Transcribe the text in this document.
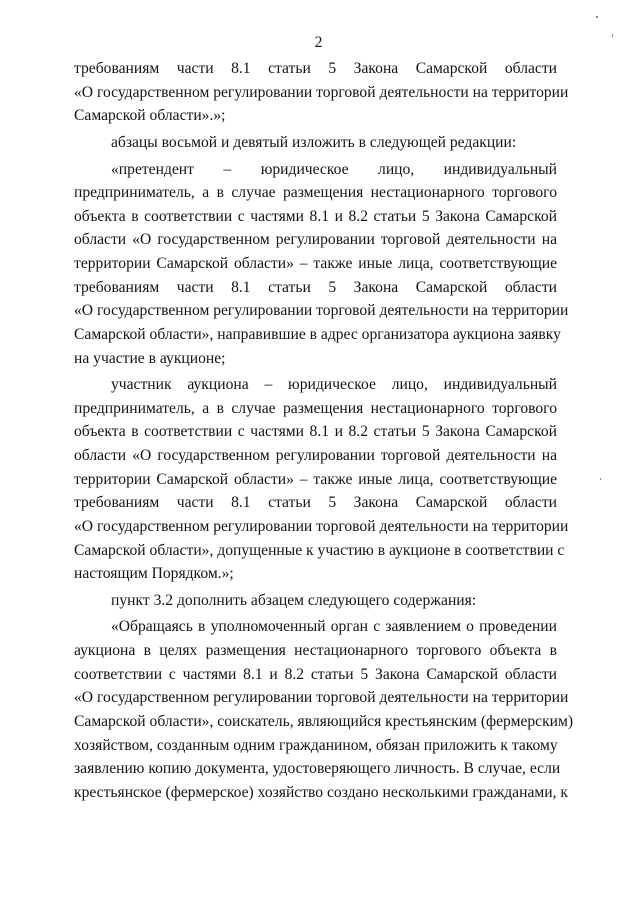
2
требованиям части 8.1 статьи 5 Закона Самарской области
«О государственном регулировании торговой деятельности на территории
Самарской области».»;
абзацы восьмой и девятый изложить в следующей редакции:
«претендент – юридическое лицо, индивидуальный
предприниматель, а в случае размещения нестационарного торгового
объекта в соответствии с частями 8.1 и 8.2 статьи 5 Закона Самарской
области «О государственном регулировании торговой деятельности на
территории Самарской области» – также иные лица, соответствующие
требованиям части 8.1 статьи 5 Закона Самарской области
«О государственном регулировании торговой деятельности на территории
Самарской области», направившие в адрес организатора аукциона заявку
на участие в аукционе;
участник аукциона – юридическое лицо, индивидуальный
предприниматель, а в случае размещения нестационарного торгового
объекта в соответствии с частями 8.1 и 8.2 статьи 5 Закона Самарской
области «О государственном регулировании торговой деятельности на
территории Самарской области» – также иные лица, соответствующие
требованиям части 8.1 статьи 5 Закона Самарской области
«О государственном регулировании торговой деятельности на территории
Самарской области», допущенные к участию в аукционе в соответствии с
настоящим Порядком.»;
пункт 3.2 дополнить абзацем следующего содержания:
«Обращаясь в уполномоченный орган с заявлением о проведении
аукциона в целях размещения нестационарного торгового объекта в
соответствии с частями 8.1 и 8.2 статьи 5 Закона Самарской области
«О государственном регулировании торговой деятельности на территории
Самарской области», соискатель, являющийся крестьянским (фермерским)
хозяйством, созданным одним гражданином, обязан приложить к такому
заявлению копию документа, удостоверяющего личность. В случае, если
крестьянское (фермерское) хозяйство создано несколькими гражданами, к
